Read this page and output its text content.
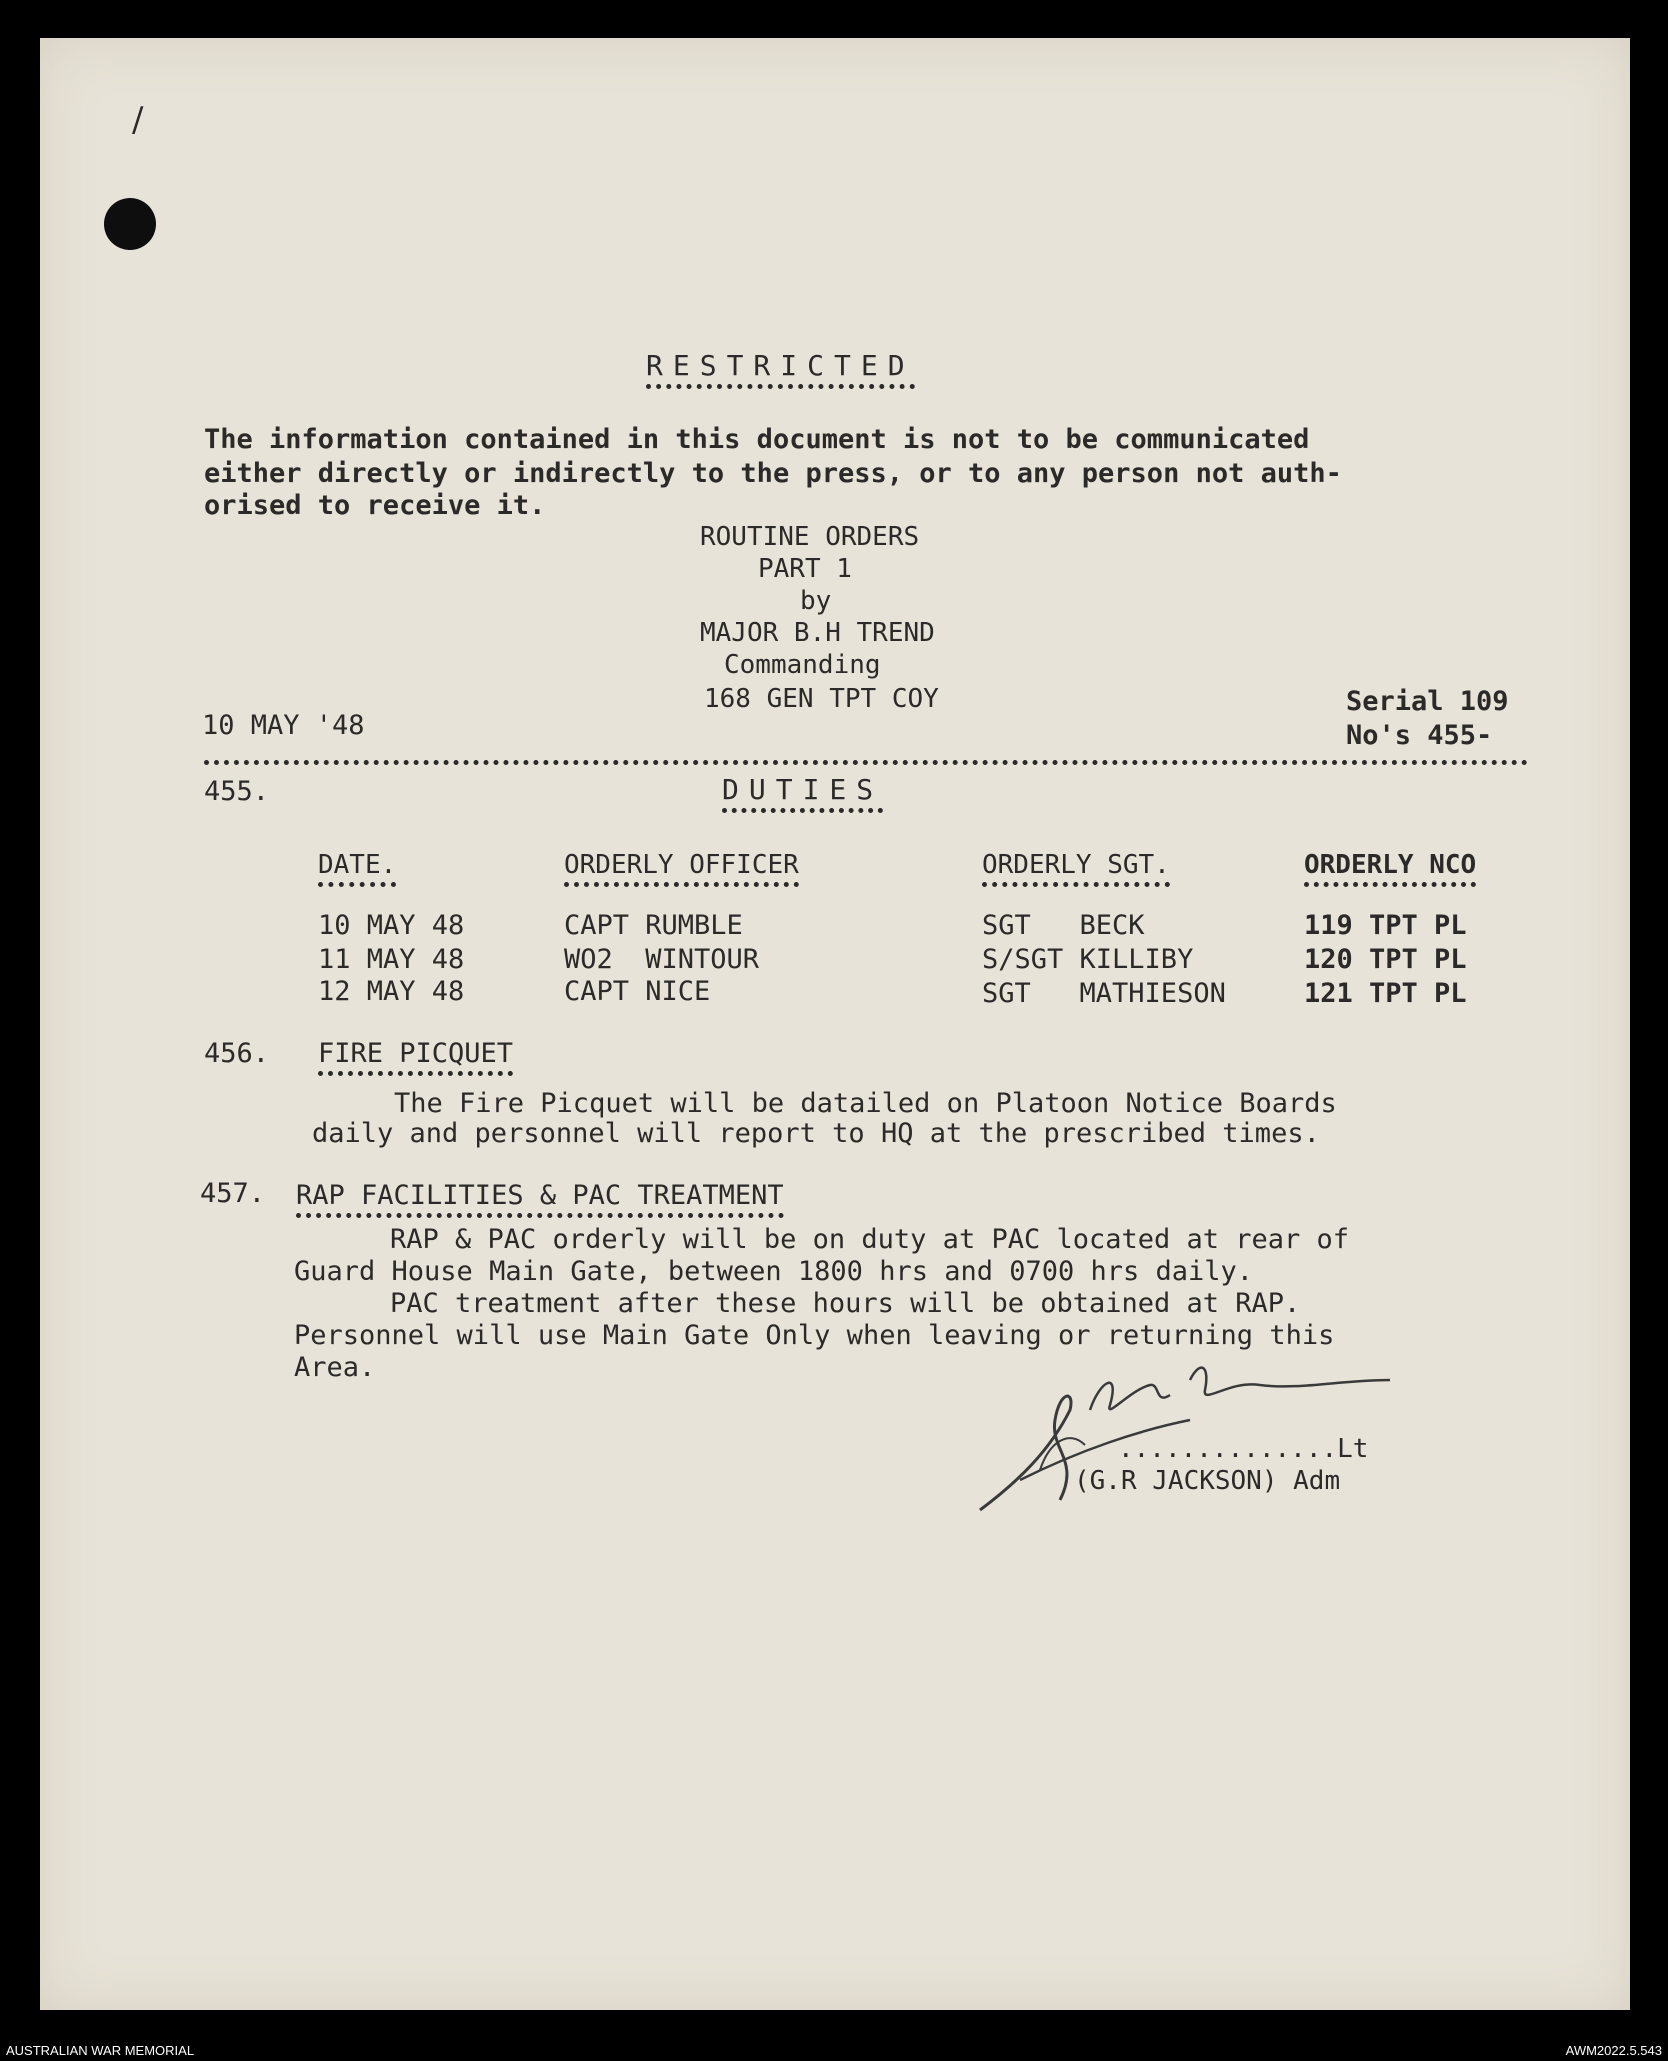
/
RESTRICTED
The information contained in this document is not to be communicated
either directly or indirectly to the press, or to any person not auth-
orised to receive it.
ROUTINE ORDERS
PART 1
by
MAJOR B.H TREND
Commanding
168 GEN TPT COY
10 MAY '48
Serial 109
No's 455-
455.	DUTIES
DATE.	ORDERLY OFFICER	ORDERLY SGT.	ORDERLY NCO
10 MAY 48	CAPT RUMBLE	SGT   BECK	119 TPT PL
11 MAY 48	WO2  WINTOUR	S/SGT KILLIBY	120 TPT PL
12 MAY 48	CAPT NICE	SGT   MATHIESON	121 TPT PL
456. FIRE PICQUET
The Fire Picquet will be datailed on Platoon Notice Boards
daily and personnel will report to HQ at the prescribed times.
457. RAP FACILITIES & PAC TREATMENT
RAP & PAC orderly will be on duty at PAC located at rear of
Guard House Main Gate, between 1800 hrs and 0700 hrs daily.
PAC treatment after these hours will be obtained at RAP.
Personnel will use Main Gate Only when leaving or returning this
Area.
..............Lt
(G.R JACKSON) Adm
AUSTRALIAN WAR MEMORIAL	AWM2022.5.543
